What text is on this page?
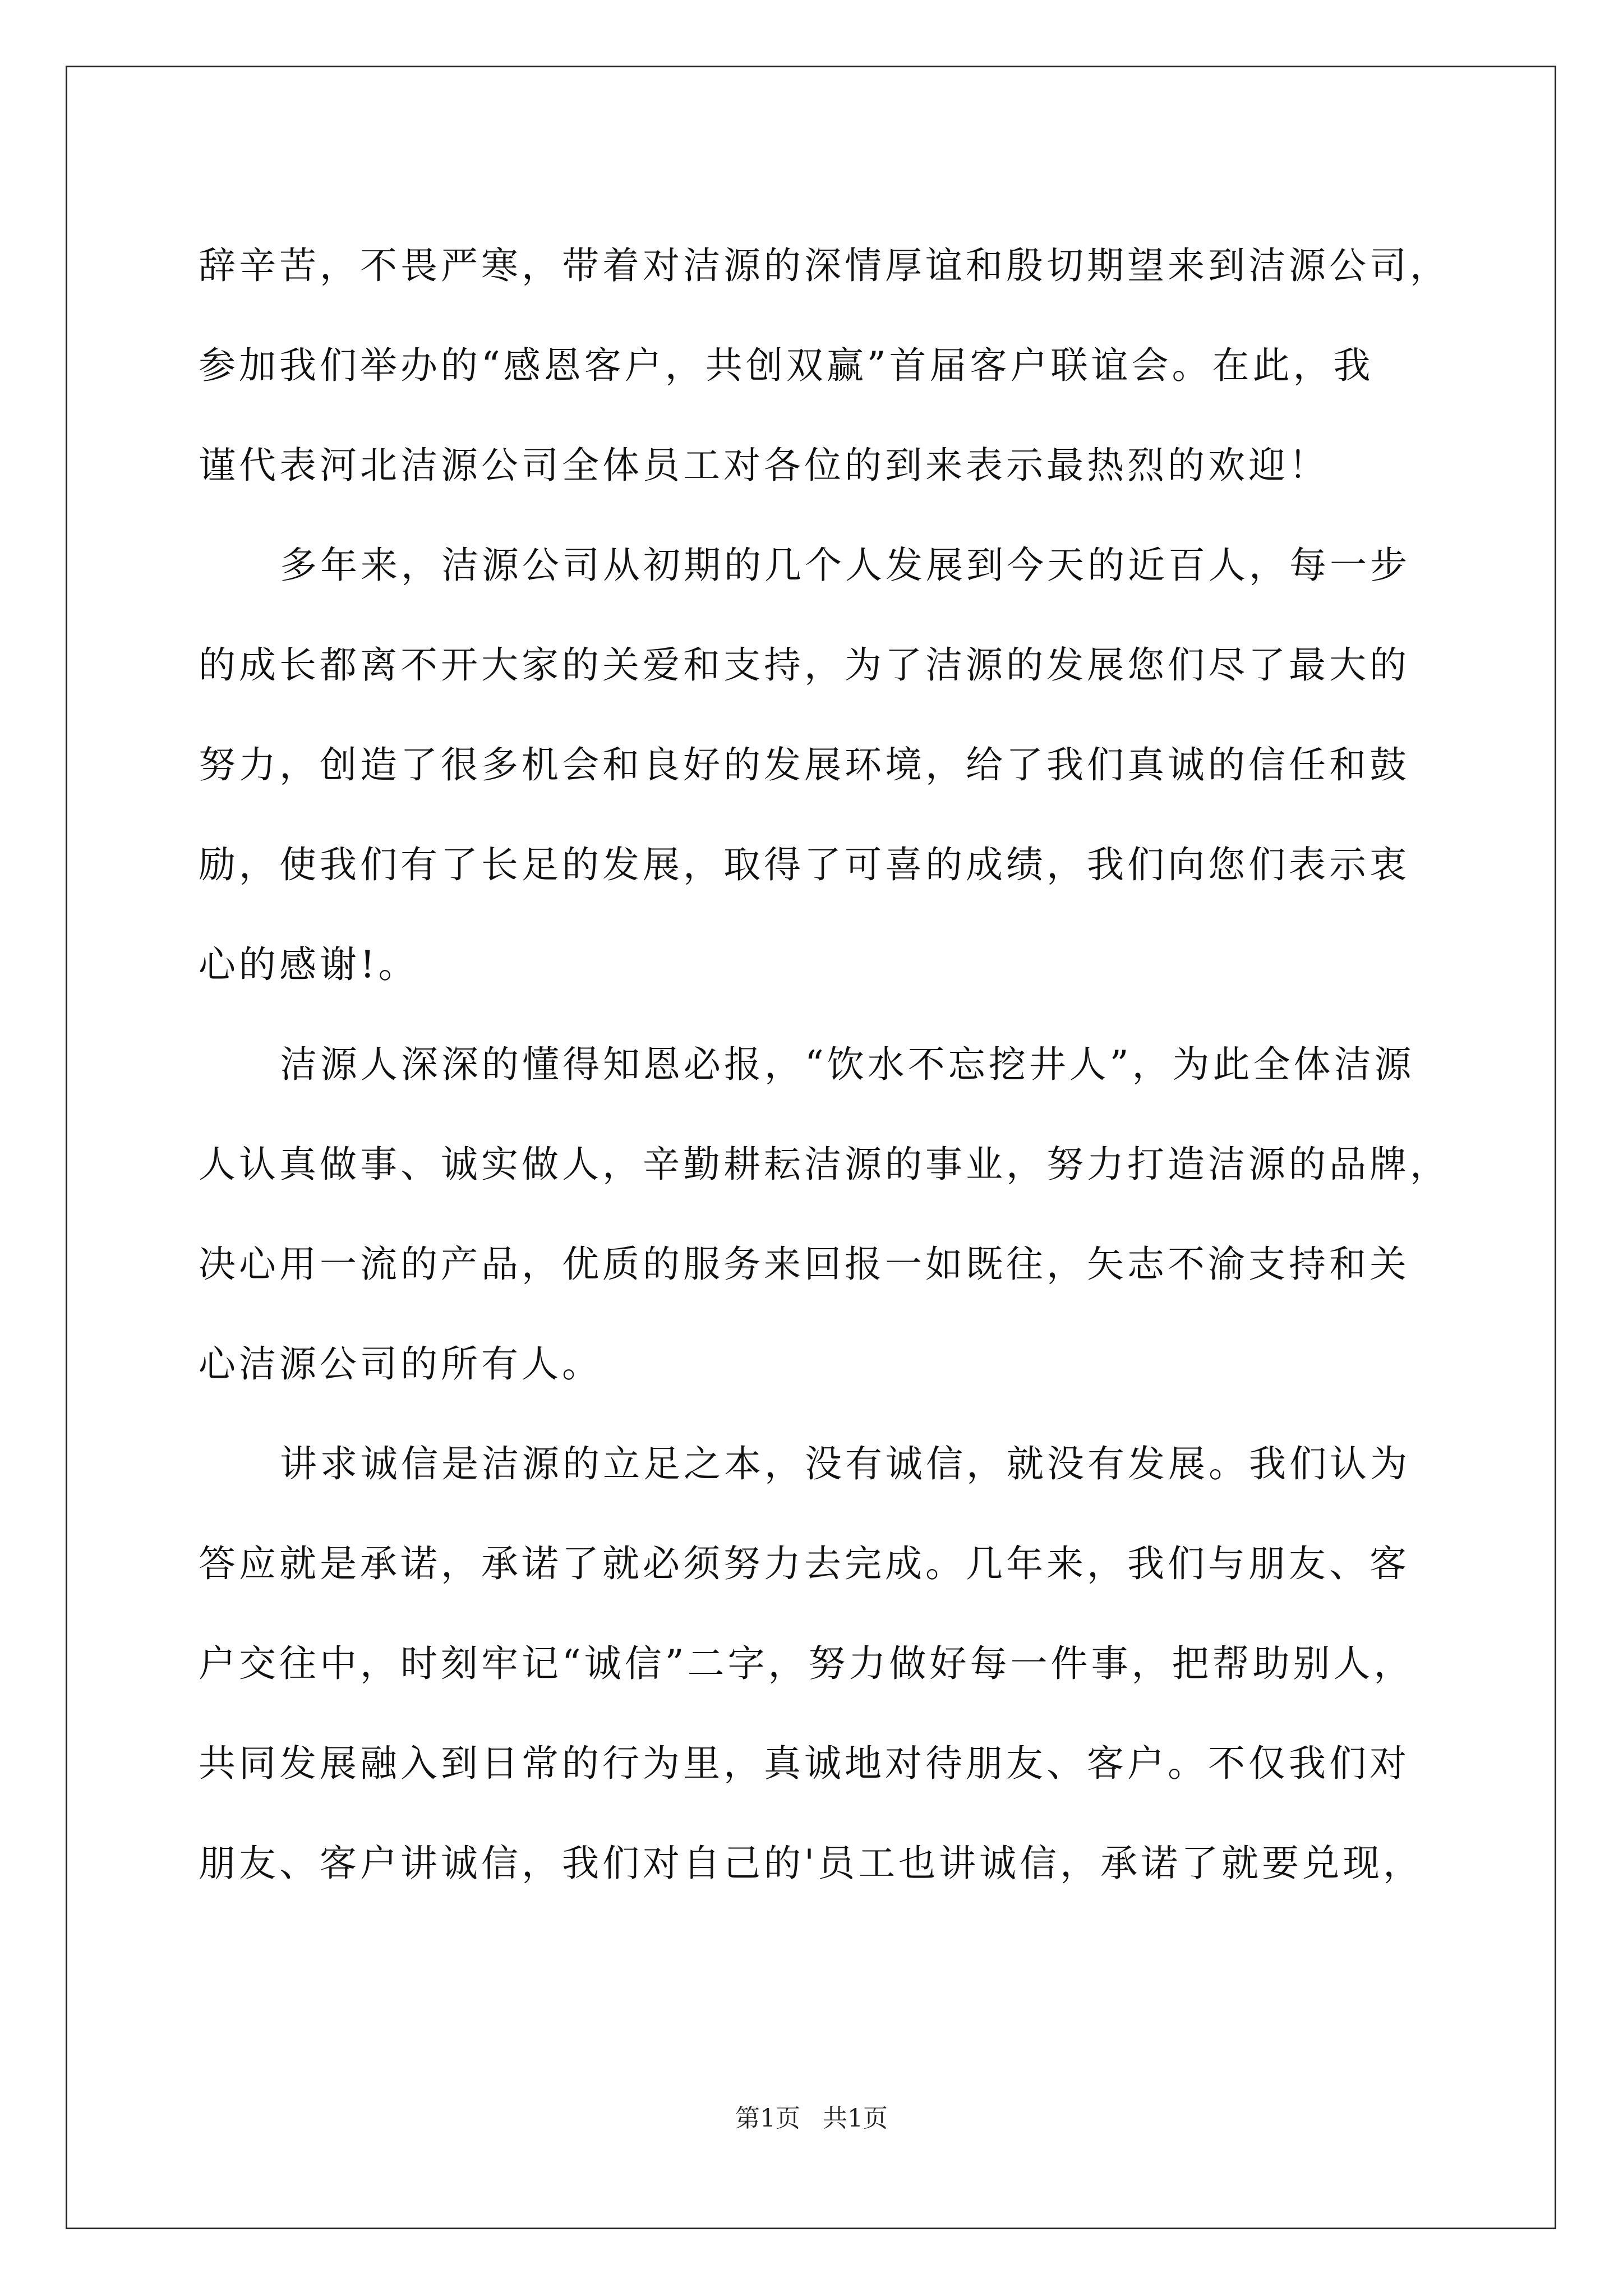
辞辛苦，不畏严寒，带着对洁源的深情厚谊和殷切期望来到洁源公司，
参加我们举办的“感恩客户，共创双赢”首届客户联谊会。在此，我
谨代表河北洁源公司全体员工对各位的到来表示最热烈的欢迎！
多年来，洁源公司从初期的几个人发展到今天的近百人，每一步
的成长都离不开大家的关爱和支持，为了洁源的发展您们尽了最大的
努力，创造了很多机会和良好的发展环境，给了我们真诚的信任和鼓
励，使我们有了长足的发展，取得了可喜的成绩，我们向您们表示衷
心的感谢!。
洁源人深深的懂得知恩必报，“饮水不忘挖井人”，为此全体洁源
人认真做事、诚实做人，辛勤耕耘洁源的事业，努力打造洁源的品牌，
决心用一流的产品，优质的服务来回报一如既往，矢志不渝支持和关
心洁源公司的所有人。
讲求诚信是洁源的立足之本，没有诚信，就没有发展。我们认为
答应就是承诺，承诺了就必须努力去完成。几年来，我们与朋友、客
户交往中，时刻牢记“诚信”二字，努力做好每一件事，把帮助别人，
共同发展融入到日常的行为里，真诚地对待朋友、客户。不仅我们对
朋友、客户讲诚信，我们对自己的'员工也讲诚信，承诺了就要兑现，
第1页 共1页
